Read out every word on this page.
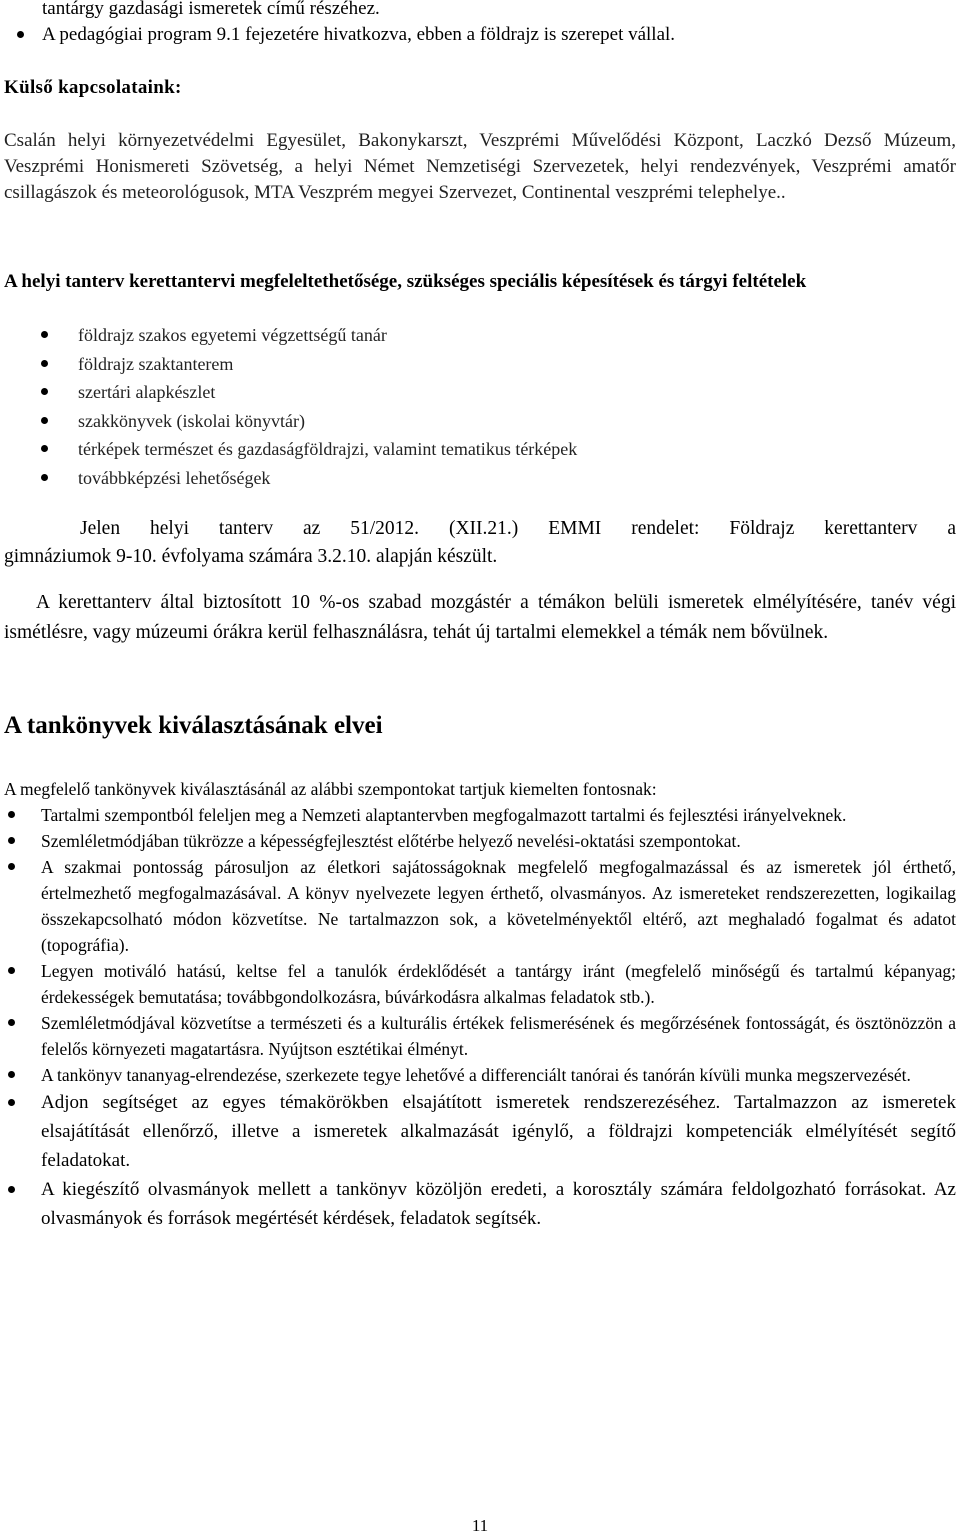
tantárgy gazdasági ismeretek című részéhez.
A pedagógiai program 9.1 fejezetére hivatkozva, ebben a földrajz is szerepet vállal.
Külső kapcsolataink:
Csalán helyi környezetvédelmi Egyesület, Bakonykarszt, Veszprémi Művelődési Központ, Laczkó Dezső Múzeum, Veszprémi Honismereti Szövetség, a helyi Német Nemzetiségi Szervezetek, helyi rendezvények, Veszprémi amatőr csillagászok és meteorológusok, MTA Veszprém megyei Szervezet, Continental veszprémi telephelye..
A helyi tanterv kerettantervi megfeleltethetősége, szükséges speciális képesítések és tárgyi feltételek
földrajz szakos egyetemi végzettségű tanár
földrajz szaktanterem
szertári alapkészlet
szakkönyvek (iskolai könyvtár)
térképek természet és gazdaságföldrajzi, valamint tematikus térképek
továbbképzési lehetőségek
Jelen helyi tanterv az 51/2012. (XII.21.) EMMI rendelet: Földrajz kerettanterv a
gimnáziumok 9-10. évfolyama számára 3.2.10. alapján készült.
A kerettanterv által biztosított 10 %-os szabad mozgástér a témákon belüli ismeretek elmélyítésére, tanév végi ismétlésre, vagy múzeumi órákra kerül felhasználásra, tehát új tartalmi elemekkel a témák nem bővülnek.
A tankönyvek kiválasztásának elvei
A megfelelő tankönyvek kiválasztásánál az alábbi szempontokat tartjuk kiemelten fontosnak:
Tartalmi szempontból feleljen meg a Nemzeti alaptantervben megfogalmazott tartalmi és fejlesztési irányelveknek.
Szemléletmódjában tükrözze a képességfejlesztést előtérbe helyező nevelési-oktatási szempontokat.
A szakmai pontosság párosuljon az életkori sajátosságoknak megfelelő megfogalmazással és az ismeretek jól érthető, értelmezhető megfogalmazásával. A könyv nyelvezete legyen érthető, olvasmányos. Az ismereteket rendszerezetten, logikailag összekapcsolható módon közvetítse. Ne tartalmazzon sok, a követelményektől eltérő, azt meghaladó fogalmat és adatot (topográfia).
Legyen motiváló hatású, keltse fel a tanulók érdeklődését a tantárgy iránt (megfelelő minőségű és tartalmú képanyag; érdekességek bemutatása; továbbgondolkozásra, búvárkodásra alkalmas feladatok stb.).
Szemléletmódjával közvetítse a természeti és a kulturális értékek felismerésének és megőrzésének fontosságát, és ösztönözzön a felelős környezeti magatartásra. Nyújtson esztétikai élményt.
A tankönyv tananyag-elrendezése, szerkezete tegye lehetővé a differenciált tanórai és tanórán kívüli munka megszervezését.
Adjon segítséget az egyes témakörökben elsajátított ismeretek rendszerezéséhez. Tartalmazzon az ismeretek elsajátítását ellenőrző, illetve a ismeretek alkalmazását igénylő, a földrajzi kompetenciák elmélyítését segítő feladatokat.
A kiegészítő olvasmányok mellett a tankönyv közöljön eredeti, a korosztály számára feldolgozható forrásokat. Az olvasmányok és források megértését kérdések, feladatok segítsék.
11
